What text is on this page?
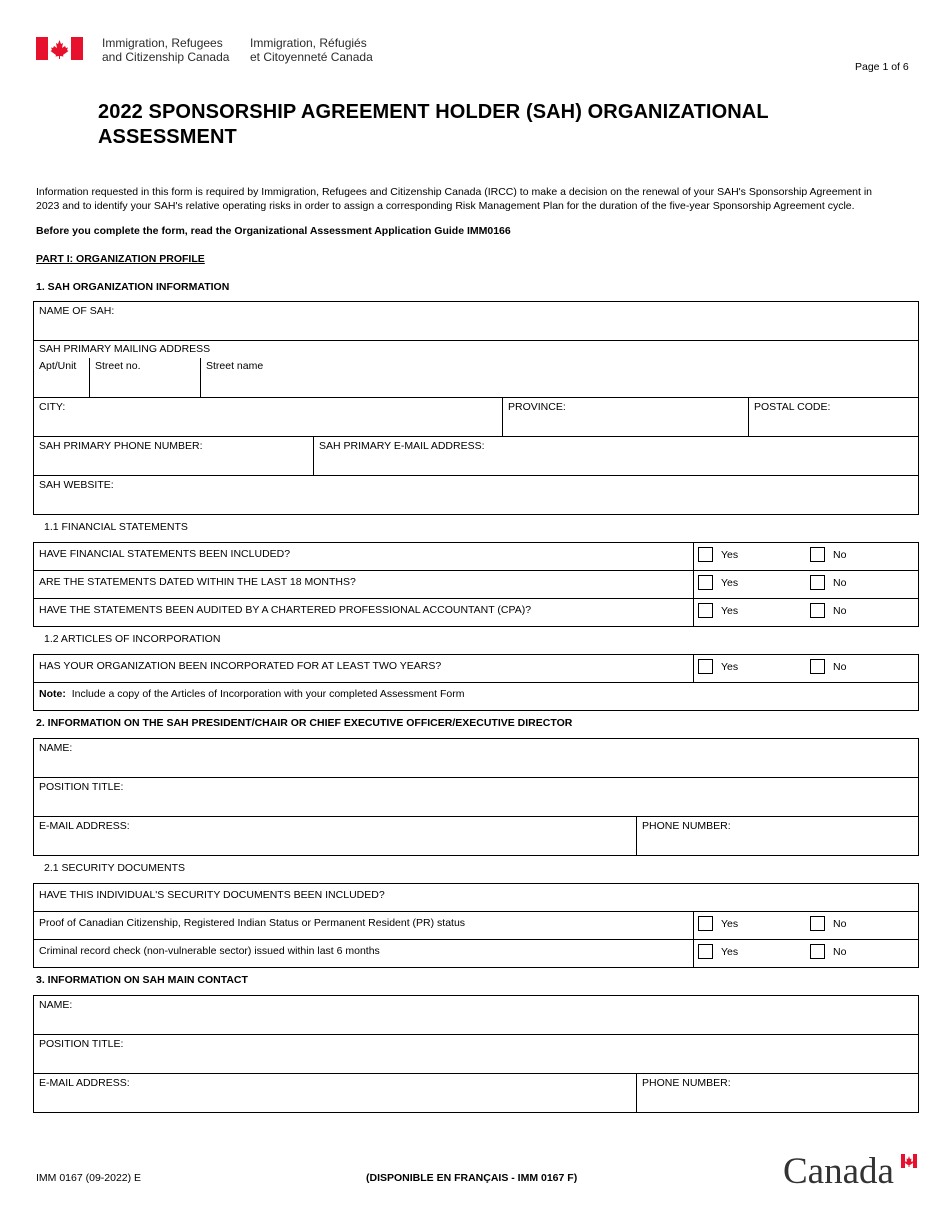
Immigration, Refugees
and Citizenship Canada
Immigration, Réfugiés
et Citoyenneté Canada
Page 1 of 6
2022 SPONSORSHIP AGREEMENT HOLDER (SAH) ORGANIZATIONAL
ASSESSMENT
Information requested in this form is required by Immigration, Refugees and Citizenship Canada (IRCC) to make a decision on the renewal of your SAH's Sponsorship Agreement in
2023 and to identify your SAH's relative operating risks in order to assign a corresponding Risk Management Plan for the duration of the five-year Sponsorship Agreement cycle.
Before you complete the form, read the Organizational Assessment Application Guide IMM0166
PART I: ORGANIZATION PROFILE
1. SAH ORGANIZATION INFORMATION
NAME OF SAH:
SAH PRIMARY MAILING ADDRESS
Apt/Unit	Street no.	Street name
CITY:	PROVINCE:	POSTAL CODE:
SAH PRIMARY PHONE NUMBER:	SAH PRIMARY E-MAIL ADDRESS:
SAH WEBSITE:
1.1 FINANCIAL STATEMENTS
HAVE FINANCIAL STATEMENTS BEEN INCLUDED?	Yes	No
ARE THE STATEMENTS DATED WITHIN THE LAST 18 MONTHS?	Yes	No
HAVE THE STATEMENTS BEEN AUDITED BY A CHARTERED PROFESSIONAL ACCOUNTANT (CPA)?	Yes	No
1.2 ARTICLES OF INCORPORATION
HAS YOUR ORGANIZATION BEEN INCORPORATED FOR AT LEAST TWO YEARS?	Yes	No
Note: Include a copy of the Articles of Incorporation with your completed Assessment Form
2. INFORMATION ON THE SAH PRESIDENT/CHAIR OR CHIEF EXECUTIVE OFFICER/EXECUTIVE DIRECTOR
NAME:
POSITION TITLE:
E-MAIL ADDRESS:	PHONE NUMBER:
2.1 SECURITY DOCUMENTS
HAVE THIS INDIVIDUAL'S SECURITY DOCUMENTS BEEN INCLUDED?
Proof of Canadian Citizenship, Registered Indian Status or Permanent Resident (PR) status	Yes	No
Criminal record check (non-vulnerable sector) issued within last 6 months	Yes	No
3. INFORMATION ON SAH MAIN CONTACT
NAME:
POSITION TITLE:
E-MAIL ADDRESS:	PHONE NUMBER:
IMM 0167 (09-2022) E	(DISPONIBLE EN FRANÇAIS - IMM 0167 F)	Canada
